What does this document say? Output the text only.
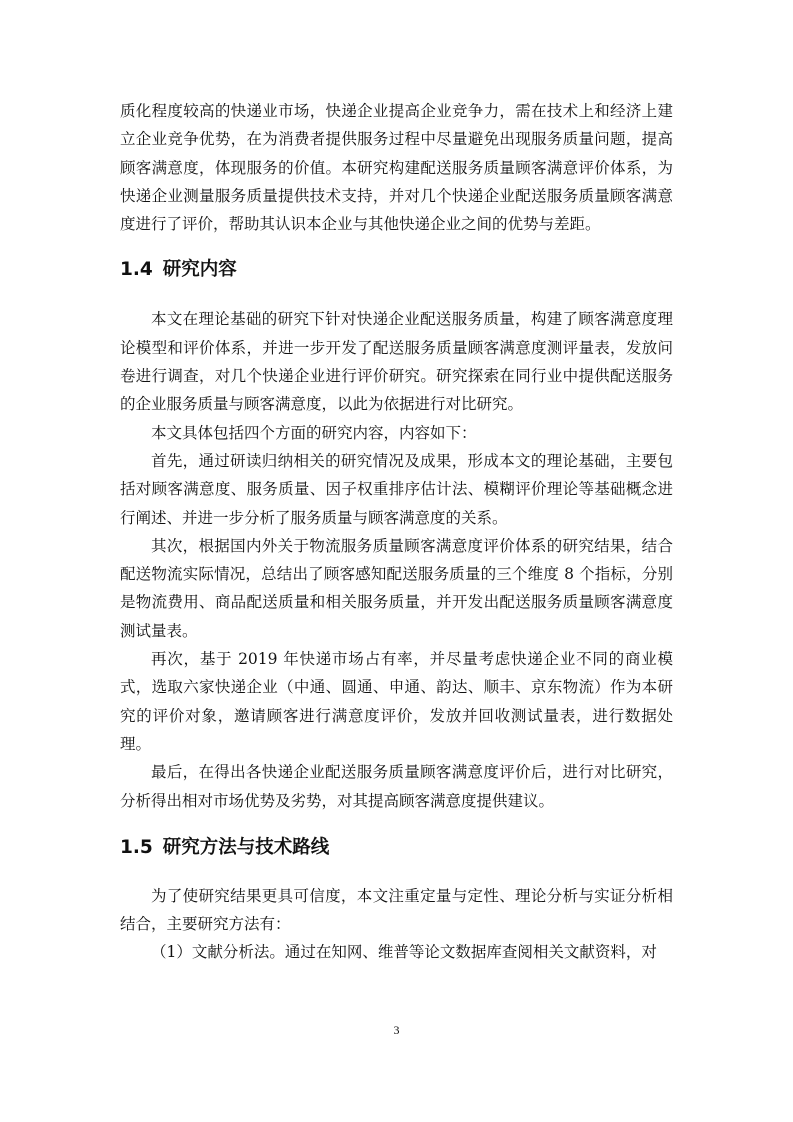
质化程度较高的快递业市场，快递企业提高企业竞争力，需在技术上和经济上建立企业竞争优势，在为消费者提供服务过程中尽量避免出现服务质量问题，提高顾客满意度，体现服务的价值。本研究构建配送服务质量顾客满意评价体系，为快递企业测量服务质量提供技术支持，并对几个快递企业配送服务质量顾客满意度进行了评价，帮助其认识本企业与其他快递企业之间的优势与差距。

1.4 研究内容

本文在理论基础的研究下针对快递企业配送服务质量，构建了顾客满意度理论模型和评价体系，并进一步开发了配送服务质量顾客满意度测评量表，发放问卷进行调查，对几个快递企业进行评价研究。研究探索在同行业中提供配送服务的企业服务质量与顾客满意度，以此为依据进行对比研究。

本文具体包括四个方面的研究内容，内容如下：

首先，通过研读归纳相关的研究情况及成果，形成本文的理论基础，主要包括对顾客满意度、服务质量、因子权重排序估计法、模糊评价理论等基础概念进行阐述、并进一步分析了服务质量与顾客满意度的关系。

其次，根据国内外关于物流服务质量顾客满意度评价体系的研究结果，结合配送物流实际情况，总结出了顾客感知配送服务质量的三个维度 8 个指标，分别是物流费用、商品配送质量和相关服务质量，并开发出配送服务质量顾客满意度测试量表。

再次，基于 2019 年快递市场占有率，并尽量考虑快递企业不同的商业模式，选取六家快递企业（中通、圆通、申通、韵达、顺丰、京东物流）作为本研究的评价对象，邀请顾客进行满意度评价，发放并回收测试量表，进行数据处理。

最后，在得出各快递企业配送服务质量顾客满意度评价后，进行对比研究，分析得出相对市场优势及劣势，对其提高顾客满意度提供建议。

1.5 研究方法与技术路线

为了使研究结果更具可信度，本文注重定量与定性、理论分析与实证分析相结合，主要研究方法有：

（1）文献分析法。通过在知网、维普等论文数据库查阅相关文献资料，对

3
